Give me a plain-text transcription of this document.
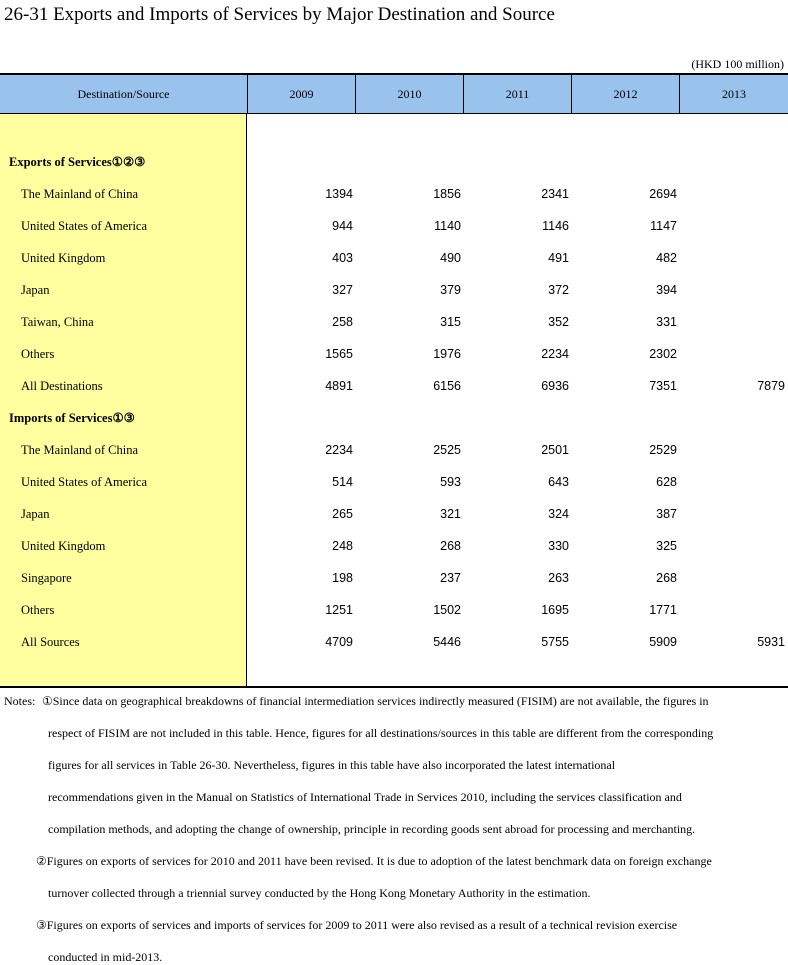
26-31 Exports and Imports of Services by Major Destination and Source
(HKD 100 million)
Destination/Source	2009	2010	2011	2012	2013
Exports of Services①②③
The Mainland of China	1394	1856	2341	2694
United States of America	944	1140	1146	1147
United Kingdom	403	490	491	482
Japan	327	379	372	394
Taiwan, China	258	315	352	331
Others	1565	1976	2234	2302
All Destinations	4891	6156	6936	7351	7879
Imports of Services①③
The Mainland of China	2234	2525	2501	2529
United States of America	514	593	643	628
Japan	265	321	324	387
United Kingdom	248	268	330	325
Singapore	198	237	263	268
Others	1251	1502	1695	1771
All Sources	4709	5446	5755	5909	5931
Notes: ①Since data on geographical breakdowns of financial intermediation services indirectly measured (FISIM) are not available, the figures in
respect of FISIM are not included in this table. Hence, figures for all destinations/sources in this table are different from the corresponding
figures for all services in Table 26-30. Nevertheless, figures in this table have also incorporated the latest international
recommendations given in the Manual on Statistics of International Trade in Services 2010, including the services classification and
compilation methods, and adopting the change of ownership, principle in recording goods sent abroad for processing and merchanting.
②Figures on exports of services for 2010 and 2011 have been revised. It is due to adoption of the latest benchmark data on foreign exchange
turnover collected through a triennial survey conducted by the Hong Kong Monetary Authority in the estimation.
③Figures on exports of services and imports of services for 2009 to 2011 were also revised as a result of a technical revision exercise
conducted in mid-2013.
